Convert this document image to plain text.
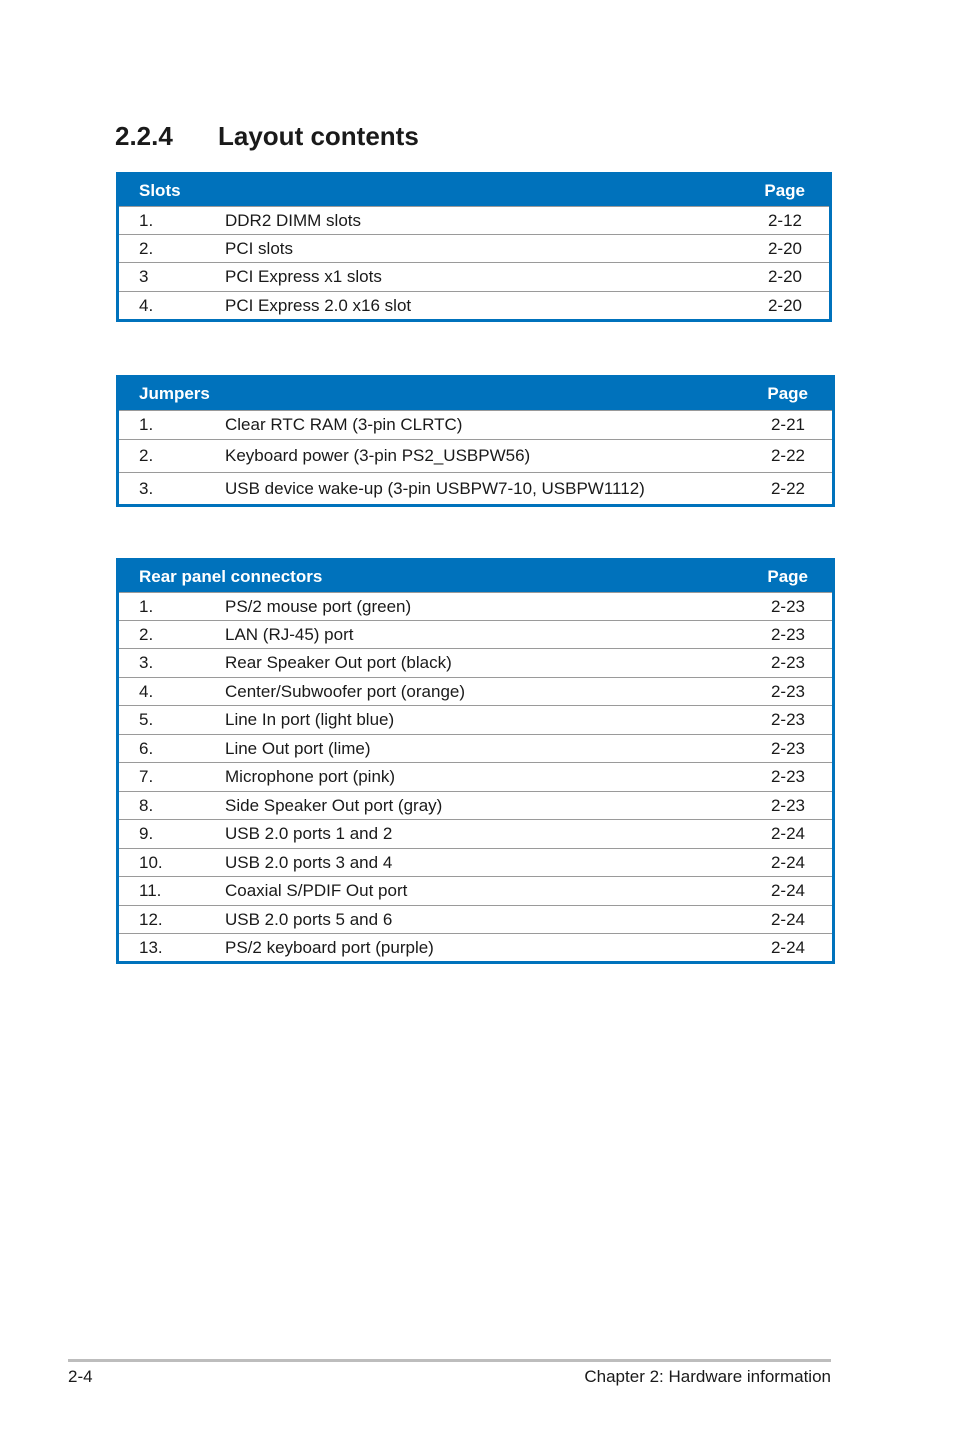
2.2.4 Layout contents
Slots	Page
1.	DDR2 DIMM slots	2-12
2.	PCI slots	2-20
3	PCI Express x1 slots	2-20
4.	PCI Express 2.0 x16 slot	2-20
Jumpers	Page
1.	Clear RTC RAM (3-pin CLRTC)	2-21
2.	Keyboard power (3-pin PS2_USBPW56)	2-22
3.	USB device wake-up (3-pin USBPW7-10, USBPW1112)	2-22
Rear panel connectors	Page
1.	PS/2 mouse port (green)	2-23
2.	LAN (RJ-45) port	2-23
3.	Rear Speaker Out port (black)	2-23
4.	Center/Subwoofer port (orange)	2-23
5.	Line In port (light blue)	2-23
6.	Line Out port (lime)	2-23
7.	Microphone port (pink)	2-23
8.	Side Speaker Out port (gray)	2-23
9.	USB 2.0 ports 1 and 2	2-24
10.	USB 2.0 ports 3 and 4	2-24
11.	Coaxial S/PDIF Out port	2-24
12.	USB 2.0 ports 5 and 6	2-24
13.	PS/2 keyboard port (purple)	2-24
2-4	Chapter 2: Hardware information
